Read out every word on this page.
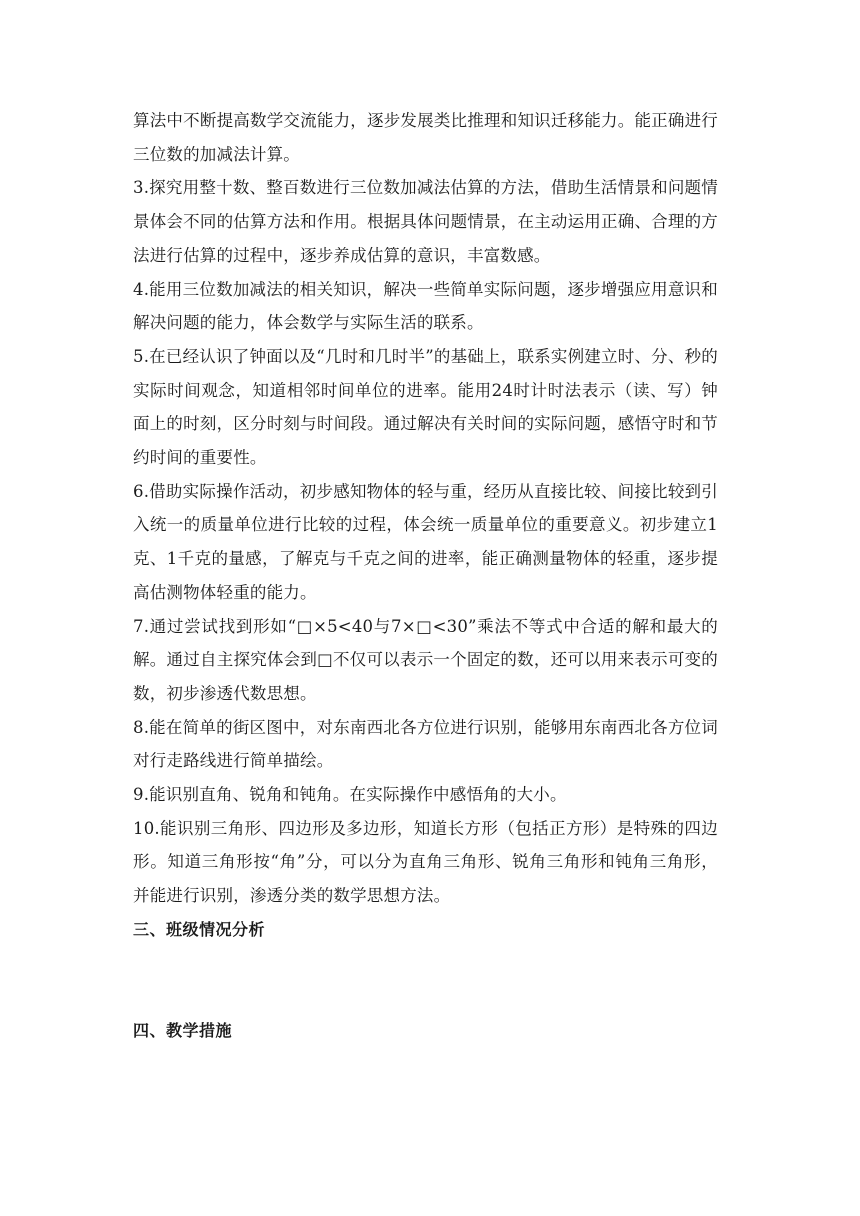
算法中不断提高数学交流能力，逐步发展类比推理和知识迁移能力。能正确进行三位数的加减法计算。

3.探究用整十数、整百数进行三位数加减法估算的方法，借助生活情景和问题情景体会不同的估算方法和作用。根据具体问题情景，在主动运用正确、合理的方法进行估算的过程中，逐步养成估算的意识，丰富数感。

4.能用三位数加减法的相关知识，解决一些简单实际问题，逐步增强应用意识和解决问题的能力，体会数学与实际生活的联系。

5.在已经认识了钟面以及“几时和几时半”的基础上，联系实例建立时、分、秒的实际时间观念，知道相邻时间单位的进率。能用24时计时法表示（读、写）钟面上的时刻，区分时刻与时间段。通过解决有关时间的实际问题，感悟守时和节约时间的重要性。

6.借助实际操作活动，初步感知物体的轻与重，经历从直接比较、间接比较到引入统一的质量单位进行比较的过程，体会统一质量单位的重要意义。初步建立1克、1千克的量感，了解克与千克之间的进率，能正确测量物体的轻重，逐步提高估测物体轻重的能力。

7.通过尝试找到形如“□×5<40与7×□<30”乘法不等式中合适的解和最大的解。通过自主探究体会到□不仅可以表示一个固定的数，还可以用来表示可变的数，初步渗透代数思想。

8.能在简单的街区图中，对东南西北各方位进行识别，能够用东南西北各方位词对行走路线进行简单描绘。

9.能识别直角、锐角和钝角。在实际操作中感悟角的大小。

10.能识别三角形、四边形及多边形，知道长方形（包括正方形）是特殊的四边形。知道三角形按“角”分，可以分为直角三角形、锐角三角形和钝角三角形，并能进行识别，渗透分类的数学思想方法。

三、班级情况分析
四、教学措施
